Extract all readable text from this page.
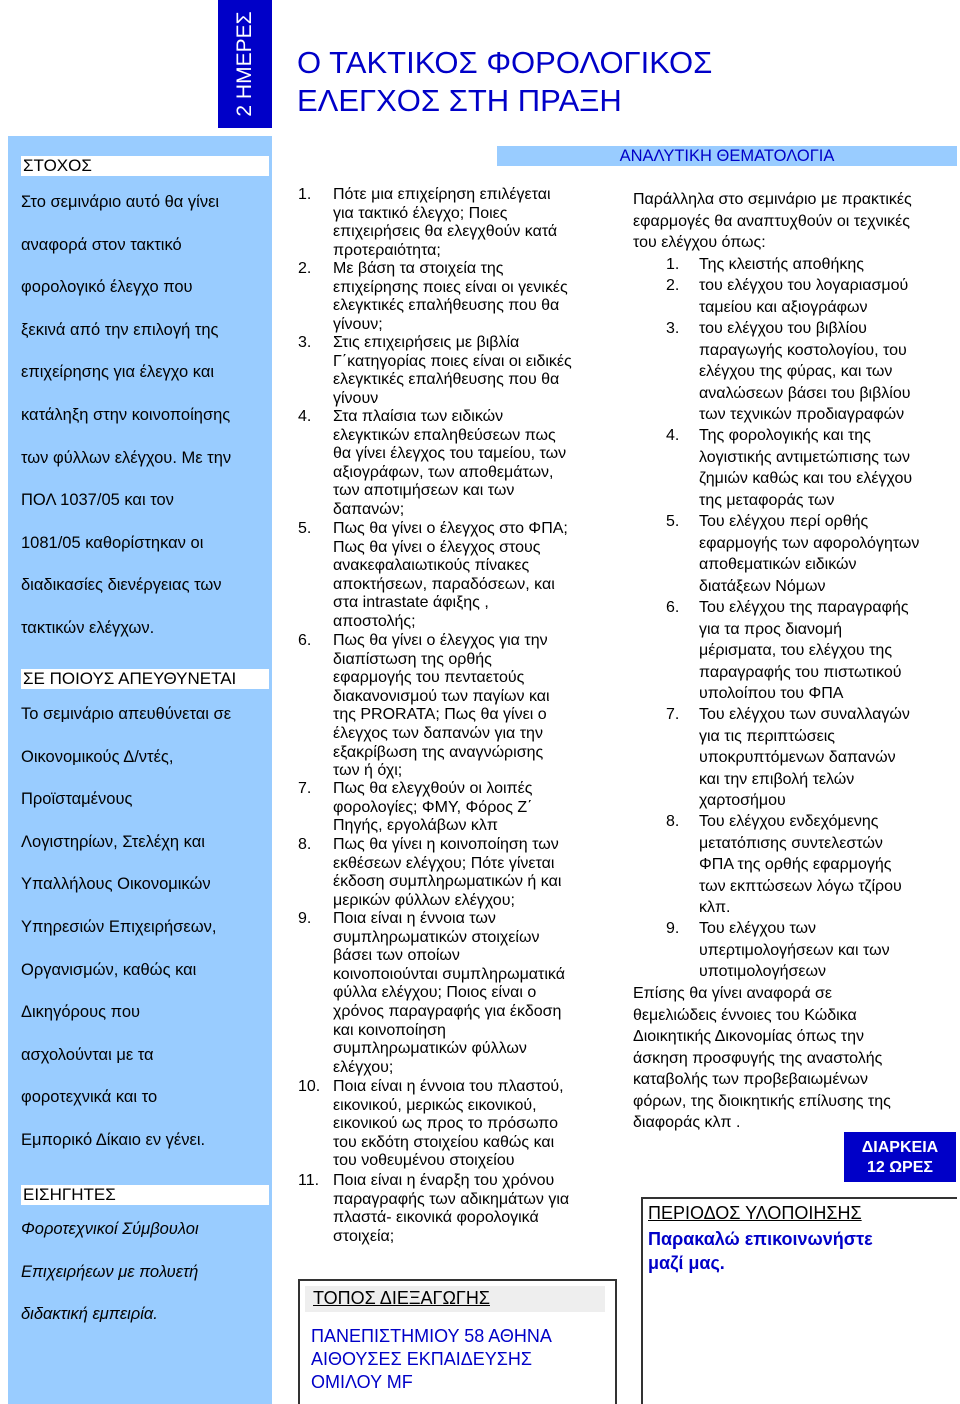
ΣΤΟΧΟΣ
Στο σεμινάριο αυτό θα γίνει
αναφορά στον τακτικό
φορολογικό έλεγχο που
ξεκινά από την επιλογή της
επιχείρησης για έλεγχο και
κατάληξη στην κοινοποίησης
των φύλλων ελέγχου. Με την
ΠΟΛ 1037/05 και τον
1081/05 καθορίστηκαν οι
διαδικασίες διενέργειας των
τακτικών ελέγχων.
ΣΕ ΠΟΙΟΥΣ ΑΠΕΥΘΥΝΕΤΑΙ
Το σεμινάριο απευθύνεται σε
Οικονομικούς Δ/ντές,
Προϊσταμένους
Λογιστηρίων, Στελέχη και
Υπαλλήλους Οικονομικών
Υπηρεσιών Επιχειρήσεων,
Οργανισμών, καθώς και
Δικηγόρους που
ασχολούνται με τα
φοροτεχνικά και το
Εμπορικό Δίκαιο εν γένει.
ΕΙΣΗΓΗΤΕΣ
Φοροτεχνικοί Σύμβουλοι
Επιχειρήεων με πολυετή
διδακτική εμπειρία.
2 ΗΜΕΡΕΣ Ο ΤΑΚΤΙΚΟΣ ΦΟΡΟΛΟΓΙΚΟΣ
ΕΛΕΓΧΟΣ ΣΤΗ ΠΡΑΞΗ
ΑΝΑΛΥΤΙΚΗ ΘΕΜΑΤΟΛΟΓΙΑ
1. Πότε μια επιχείρηση επιλέγεται
για τακτικό έλεγχο; Ποιες
επιχειρήσεις θα ελεγχθούν κατά
προτεραιότητα;
2. Με βάση τα στοιχεία της
επιχείρησης ποιες είναι οι γενικές
ελεγκτικές επαλήθευσης που θα
γίνουν;
3. Στις επιχειρήσεις με βιβλία
Γ΄κατηγορίας ποιες είναι οι ειδικές
ελεγκτικές επαλήθευσης που θα
γίνουν
4. Στα πλαίσια των ειδικών
ελεγκτικών επαληθεύσεων πως
θα γίνει έλεγχος του ταμείου, των
αξιογράφων, των αποθεμάτων,
των αποτιμήσεων και των
δαπανών;
5. Πως θα γίνει ο έλεγχος στο ΦΠΑ;
Πως θα γίνει ο έλεγχος στους
ανακεφαλαιωτικούς πίνακες
αποκτήσεων, παραδόσεων, και
στα intrastate άφιξης ,
αποστολής;
6. Πως θα γίνει ο έλεγχος για την
διαπίστωση της ορθής
εφαρμογής του πενταετούς
διακανονισμού των παγίων και
της PRORATA; Πως θα γίνει ο
έλεγχος των δαπανών για την
εξακρίβωση της αναγνώρισης
των ή όχι;
7. Πως θα ελεγχθούν οι λοιπές
φορολογίες; ΦΜΥ, Φόρος Ζ΄
Πηγής, εργολάβων κλπ
8. Πως θα γίνει η κοινοποίηση των
εκθέσεων ελέγχου; Πότε γίνεται
έκδοση συμπληρωματικών ή και
μερικών φύλλων ελέγχου;
9. Ποια είναι η έννοια των
συμπληρωματικών στοιχείων
βάσει των οποίων
κοινοποιούνται συμπληρωματικά
φύλλα ελέγχου; Ποιος είναι ο
χρόνος παραγραφής για έκδοση
και κοινοποίηση
συμπληρωματικών φύλλων
ελέγχου;
10. Ποια είναι η έννοια του πλαστού,
εικονικού, μερικώς εικονικού,
εικονικού ως προς το πρόσωπο
του εκδότη στοιχείου καθώς και
του νοθευμένου στοιχείου
11. Ποια είναι η έναρξη του χρόνου
παραγραφής των αδικημάτων για
πλαστά- εικονικά φορολογικά
στοιχεία;
Παράλληλα στο σεμινάριο με πρακτικές
εφαρμογές θα αναπτυχθούν οι τεχνικές
του ελέγχου όπως:
1. Της κλειστής αποθήκης
2. του ελέγχου του λογαριασμού
ταμείου και αξιογράφων
3. του ελέγχου του βιβλίου
παραγωγής κοστολογίου, του
ελέγχου της φύρας, και των
αναλώσεων βάσει του βιβλίου
των τεχνικών προδιαγραφών
4. Της φορολογικής και της
λογιστικής αντιμετώπισης των
ζημιών καθώς και του ελέγχου
της μεταφοράς των
5. Του ελέγχου περί ορθής
εφαρμογής των αφορολόγητων
αποθεματικών ειδικών
διατάξεων Νόμων
6. Του ελέγχου της παραγραφής
για τα προς διανομή
μέρισματα, του ελέγχου της
παραγραφής του πιστωτικού
υπολοίπου του ΦΠΑ
7. Του ελέγχου των συναλλαγών
για τις περιπτώσεις
υποκρυπτόμενων δαπανών
και την επιβολή τελών
χαρτοσήμου
8. Του ελέγχου ενδεχόμενης
μετατόπισης συντελεστών
ΦΠΑ της ορθής εφαρμογής
των εκπτώσεων λόγω τζίρου
κλπ.
9. Του ελέγχου των
υπερτιμολογήσεων και των
υποτιμολογήσεων
Επίσης θα γίνει αναφορά σε
θεμελιώδεις έννοιες του Κώδικα
Διοικητικής Δικονομίας όπως την
άσκηση προσφυγής της αναστολής
καταβολής των προβεβαιωμένων
φόρων, της διοικητικής επίλυσης της
διαφοράς κλπ .
ΔΙΑΡΚΕΙΑ
12 ΩΡΕΣ
ΠΕΡΙΟΔΟΣ ΥΛΟΠΟΙΗΣΗΣ
Παρακαλώ επικοινωνήστε
μαζί μας.
ΤΟΠΟΣ ΔΙΕΞΑΓΩΓΗΣ
ΠΑΝΕΠΙΣΤΗΜΙΟΥ 58 ΑΘΗΝΑ
ΑΙΘΟΥΣΕΣ ΕΚΠΑΙΔΕΥΣΗΣ
ΟΜΙΛΟΥ MF
